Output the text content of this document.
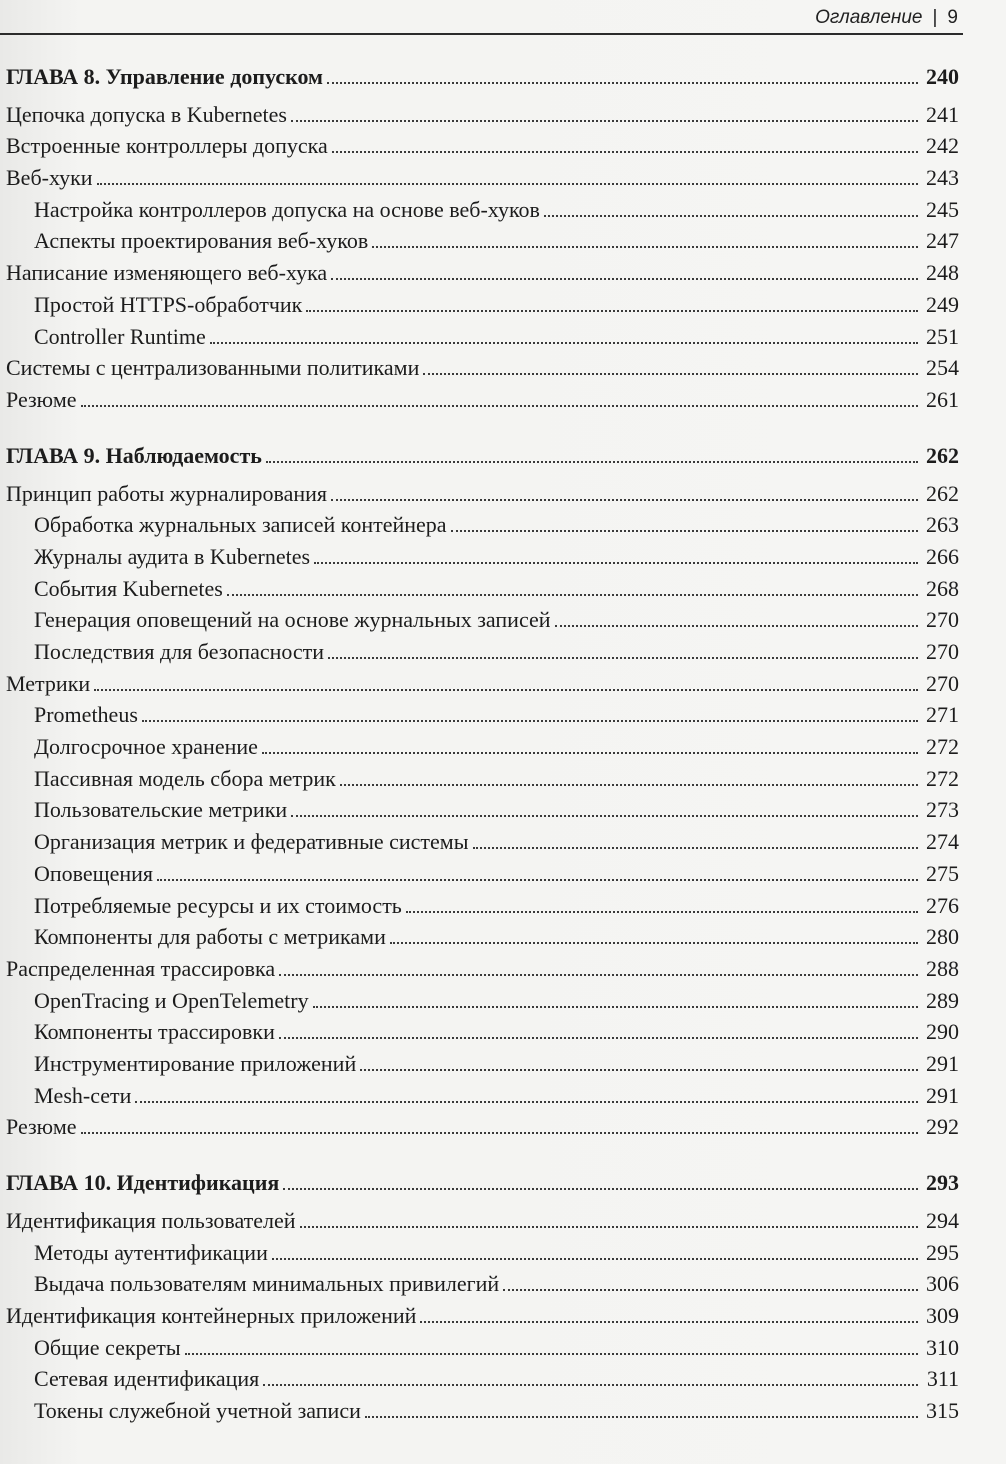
Оглавление | 9
ГЛАВА 8. Управление допуском	240
Цепочка допуска в Kubernetes	241
Встроенные контроллеры допуска	242
Веб-хуки	243
Настройка контроллеров допуска на основе веб-хуков	245
Аспекты проектирования веб-хуков	247
Написание изменяющего веб-хука	248
Простой HTTPS-обработчик	249
Controller Runtime	251
Системы с централизованными политиками	254
Резюме	261
ГЛАВА 9. Наблюдаемость	262
Принцип работы журналирования	262
Обработка журнальных записей контейнера	263
Журналы аудита в Kubernetes	266
События Kubernetes	268
Генерация оповещений на основе журнальных записей	270
Последствия для безопасности	270
Метрики	270
Prometheus	271
Долгосрочное хранение	272
Пассивная модель сбора метрик	272
Пользовательские метрики	273
Организация метрик и федеративные системы	274
Оповещения	275
Потребляемые ресурсы и их стоимость	276
Компоненты для работы с метриками	280
Распределенная трассировка	288
OpenTracing и OpenTelemetry	289
Компоненты трассировки	290
Инструментирование приложений	291
Mesh-сети	291
Резюме	292
ГЛАВА 10. Идентификация	293
Идентификация пользователей	294
Методы аутентификации	295
Выдача пользователям минимальных привилегий	306
Идентификация контейнерных приложений	309
Общие секреты	310
Сетевая идентификация	311
Токены служебной учетной записи	315
